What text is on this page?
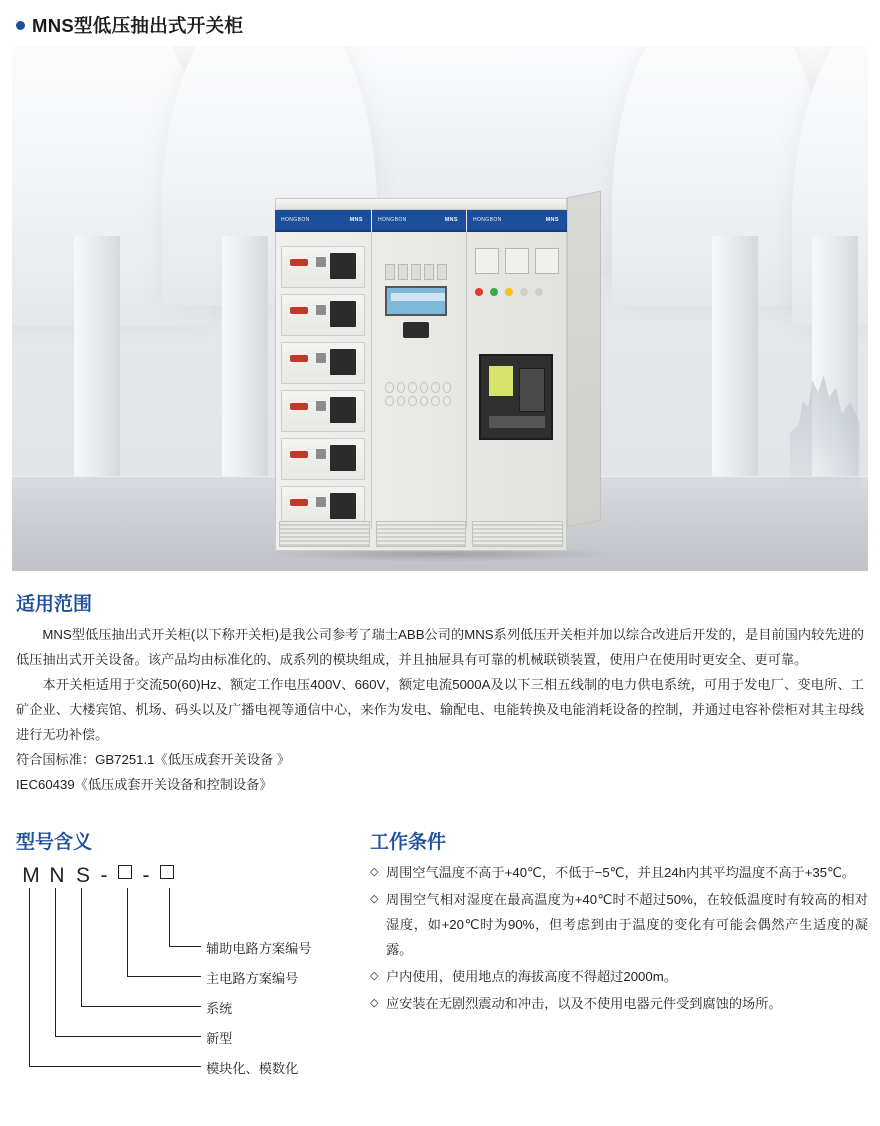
MNS型低压抽出式开关柜
HONGBON	MNS	HONGBON	MNS	HONGBON	MNS
适用范围

MNS型低压抽出式开关柜(以下称开关柜)是我公司参考了瑞士ABB公司的MNS系列低压开关柜并加以综合改进后开发的，是目前国内较先进的低压抽出式开关设备。该产品均由标准化的、成系列的模块组成，并且抽屉具有可靠的机械联锁装置，使用户在使用时更安全、更可靠。

本开关柜适用于交流50(60)Hz、额定工作电压400V、660V，额定电流5000A及以下三相五线制的电力供电系统，可用于发电厂、变电所、工矿企业、大楼宾馆、机场、码头以及广播电视等通信中心，来作为发电、输配电、电能转换及电能消耗设备的控制，并通过电容补偿柜对其主母线进行无功补偿。

符合国标准：GB7251.1《低压成套开关设备 》

IEC60439《低压成套开关设备和控制设备》

型号含义
M N S - -
辅助电路方案编号
主电路方案编号
系统
新型
模块化、模数化
工作条件
◇ 周围空气温度不高于+40℃，不低于−5℃，并且24h内其平均温度不高于+35℃。
◇ 周围空气相对湿度在最高温度为+40℃时不超过50%，在较低温度时有较高的相对湿度，如+20℃时为90%，但考虑到由于温度的变化有可能会偶然产生适度的凝露。
◇ 户内使用，使用地点的海拔高度不得超过2000m。
◇ 应安装在无剧烈震动和冲击，以及不使用电器元件受到腐蚀的场所。
